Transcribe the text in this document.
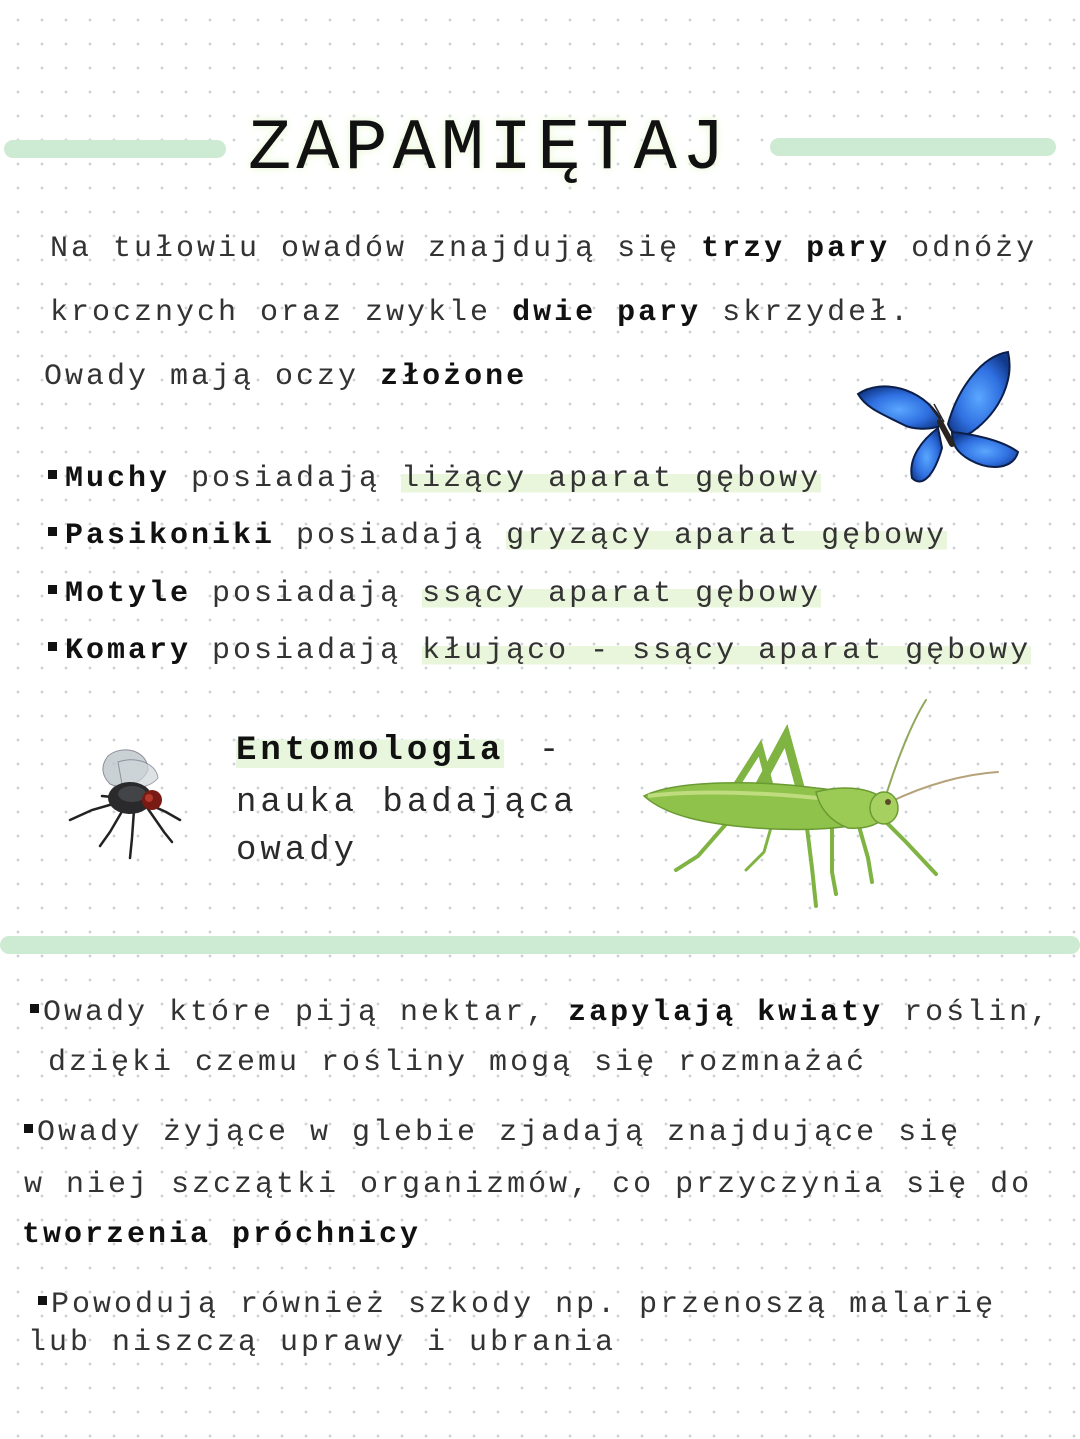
ZAPAMIĘTAJ
Na tułowiu owadów znajdują się trzy pary odnóży
krocznych oraz zwykle dwie pary skrzydeł.
Owady mają oczy złożone
Muchy posiadają liżący aparat gębowy
Pasikoniki posiadają gryzący aparat gębowy
Motyle posiadają ssący aparat gębowy
Komary posiadają kłująco - ssący aparat gębowy
Entomologia -
nauka badająca
owady
Owady które piją nektar, zapylają kwiaty roślin,
dzięki czemu rośliny mogą się rozmnażać
Owady żyjące w glebie zjadają znajdujące się
w niej szczątki organizmów, co przyczynia się do
tworzenia próchnicy
Powodują również szkody np. przenoszą malarię
lub niszczą uprawy i ubrania
